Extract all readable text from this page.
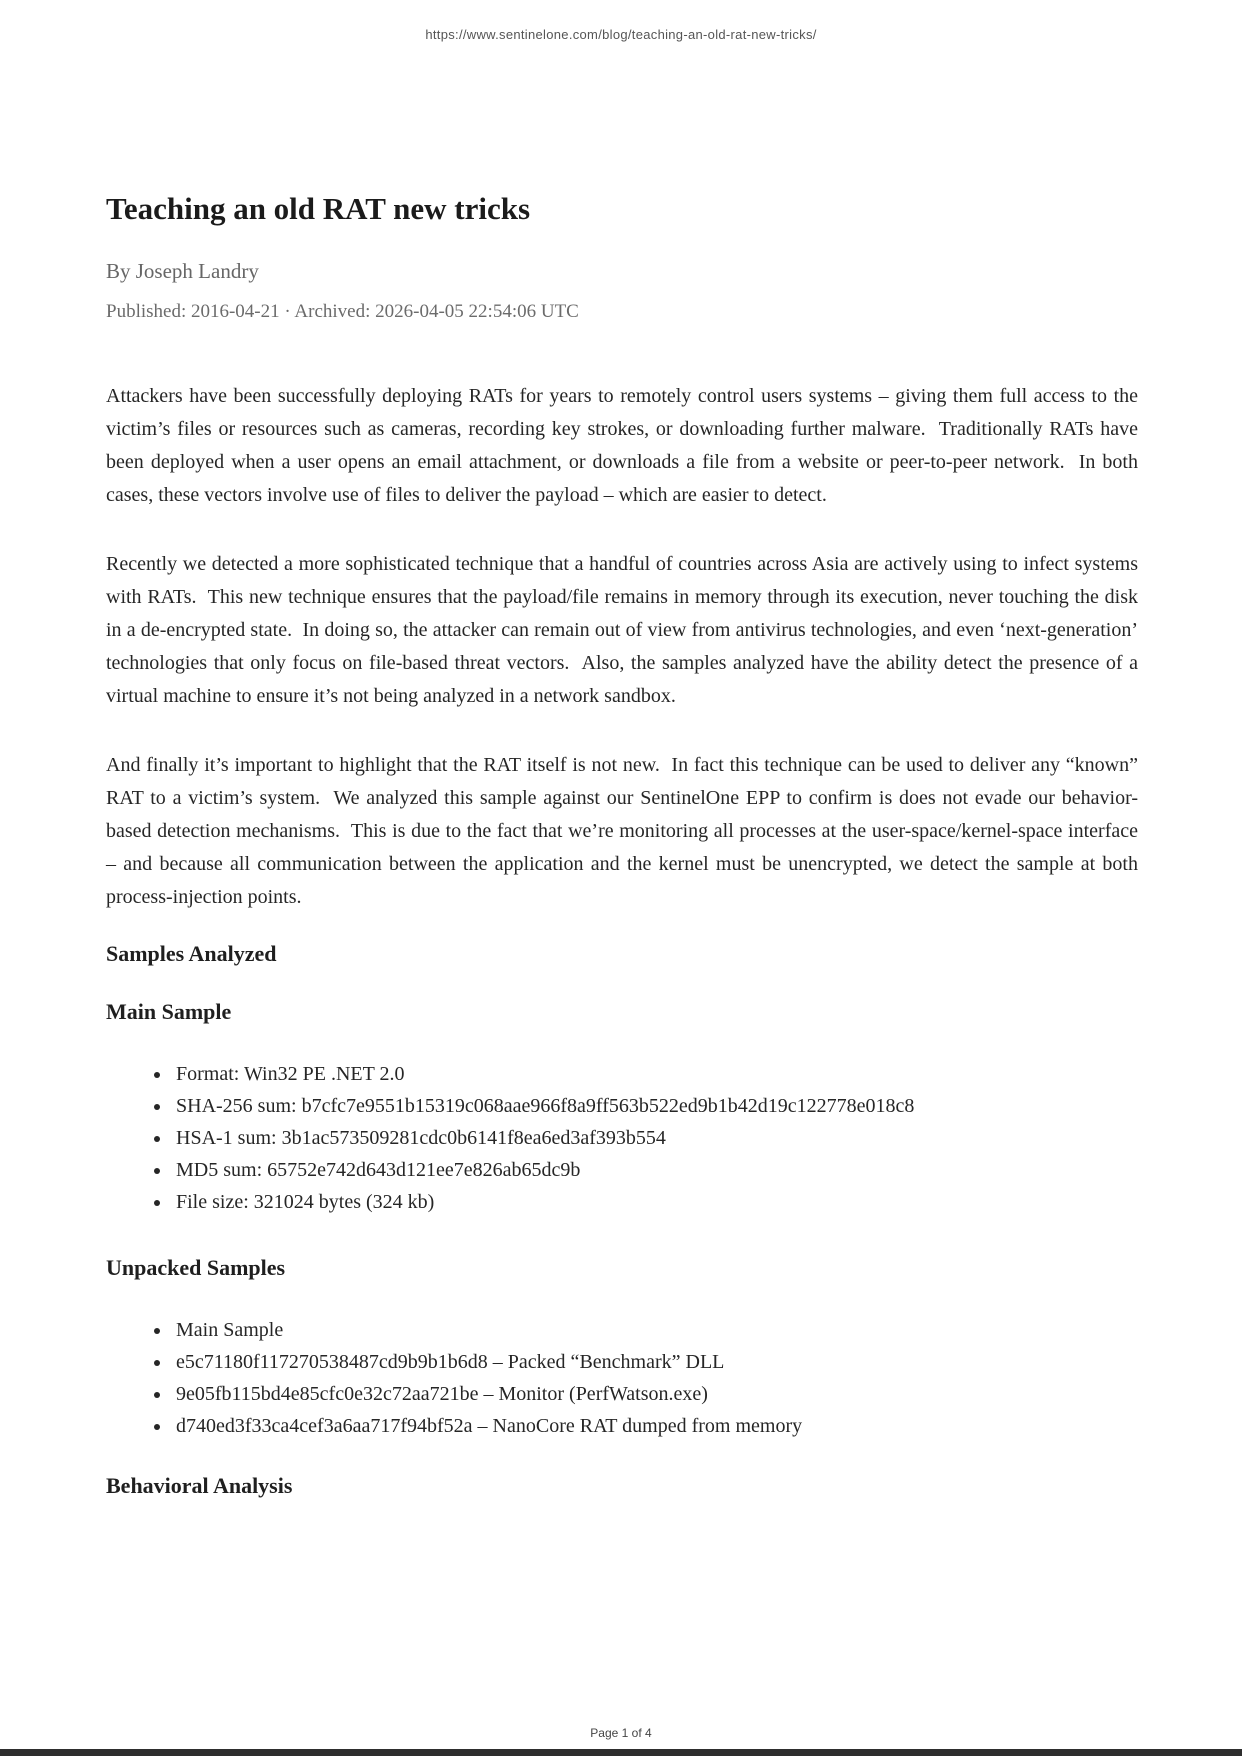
https://www.sentinelone.com/blog/teaching-an-old-rat-new-tricks/
Teaching an old RAT new tricks
By Joseph Landry
Published: 2016-04-21 · Archived: 2026-04-05 22:54:06 UTC

Attackers have been successfully deploying RATs for years to remotely control users systems – giving them full access to the victim’s files or resources such as cameras, recording key strokes, or downloading further malware.  Traditionally RATs have been deployed when a user opens an email attachment, or downloads a file from a website or peer-to-peer network.  In both cases, these vectors involve use of files to deliver the payload – which are easier to detect.

Recently we detected a more sophisticated technique that a handful of countries across Asia are actively using to infect systems with RATs.  This new technique ensures that the payload/file remains in memory through its execution, never touching the disk in a de-encrypted state.  In doing so, the attacker can remain out of view from antivirus technologies, and even ‘next-generation’ technologies that only focus on file-based threat vectors.  Also, the samples analyzed have the ability detect the presence of a virtual machine to ensure it’s not being analyzed in a network sandbox.

And finally it’s important to highlight that the RAT itself is not new.  In fact this technique can be used to deliver any “known” RAT to a victim’s system.  We analyzed this sample against our SentinelOne EPP to confirm is does not evade our behavior-based detection mechanisms.  This is due to the fact that we’re monitoring all processes at the user-space/kernel-space interface – and because all communication between the application and the kernel must be unencrypted, we detect the sample at both process-injection points.

Samples Analyzed
Main Sample
• Format: Win32 PE .NET 2.0
• SHA-256 sum: b7cfc7e9551b15319c068aae966f8a9ff563b522ed9b1b42d19c122778e018c8
• HSA-1 sum: 3b1ac573509281cdc0b6141f8ea6ed3af393b554
• MD5 sum: 65752e742d643d121ee7e826ab65dc9b
• File size: 321024 bytes (324 kb)
Unpacked Samples
• Main Sample
• e5c71180f117270538487cd9b9b1b6d8 – Packed “Benchmark” DLL
• 9e05fb115bd4e85cfc0e32c72aa721be – Monitor (PerfWatson.exe)
• d740ed3f33ca4cef3a6aa717f94bf52a – NanoCore RAT dumped from memory
Behavioral Analysis
Page 1 of 4
